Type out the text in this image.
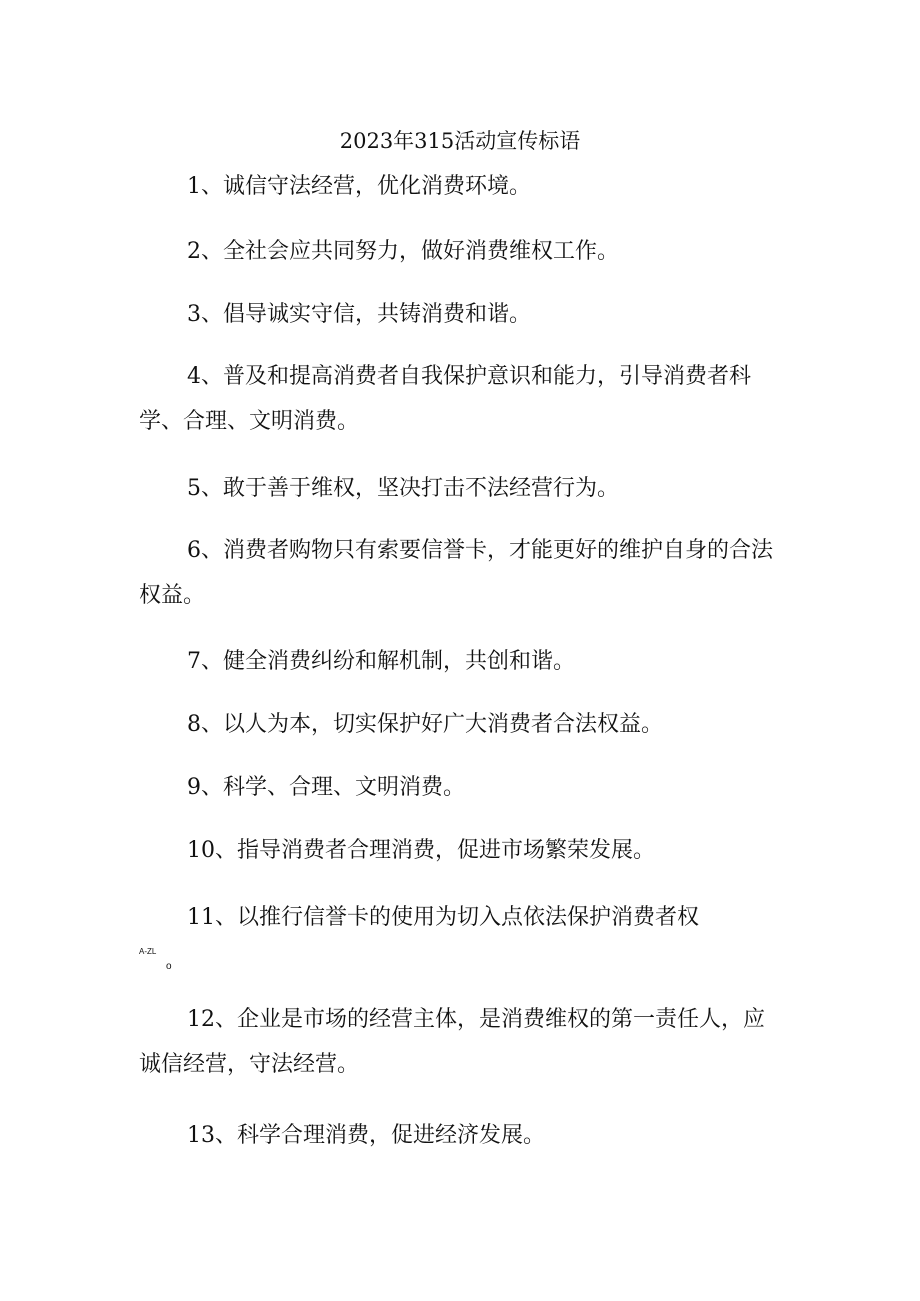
2023年315活动宣传标语

1、诚信守法经营，优化消费环境。

2、全社会应共同努力，做好消费维权工作。

3、倡导诚实守信，共铸消费和谐。

4、普及和提高消费者自我保护意识和能力，引导消费者科学、合理、文明消费。

5、敢于善于维权，坚决打击不法经营行为。

6、消费者购物只有索要信誉卡，才能更好的维护自身的合法权益。

7、健全消费纠纷和解机制，共创和谐。

8、以人为本，切实保护好广大消费者合法权益。

9、科学、合理、文明消费。

10、指导消费者合理消费，促进市场繁荣发展。

11、以推行信誉卡的使用为切入点依法保护消费者权

A-ZL
o

12、企业是市场的经营主体，是消费维权的第一责任人，应诚信经营，守法经营。

13、科学合理消费，促进经济发展。
